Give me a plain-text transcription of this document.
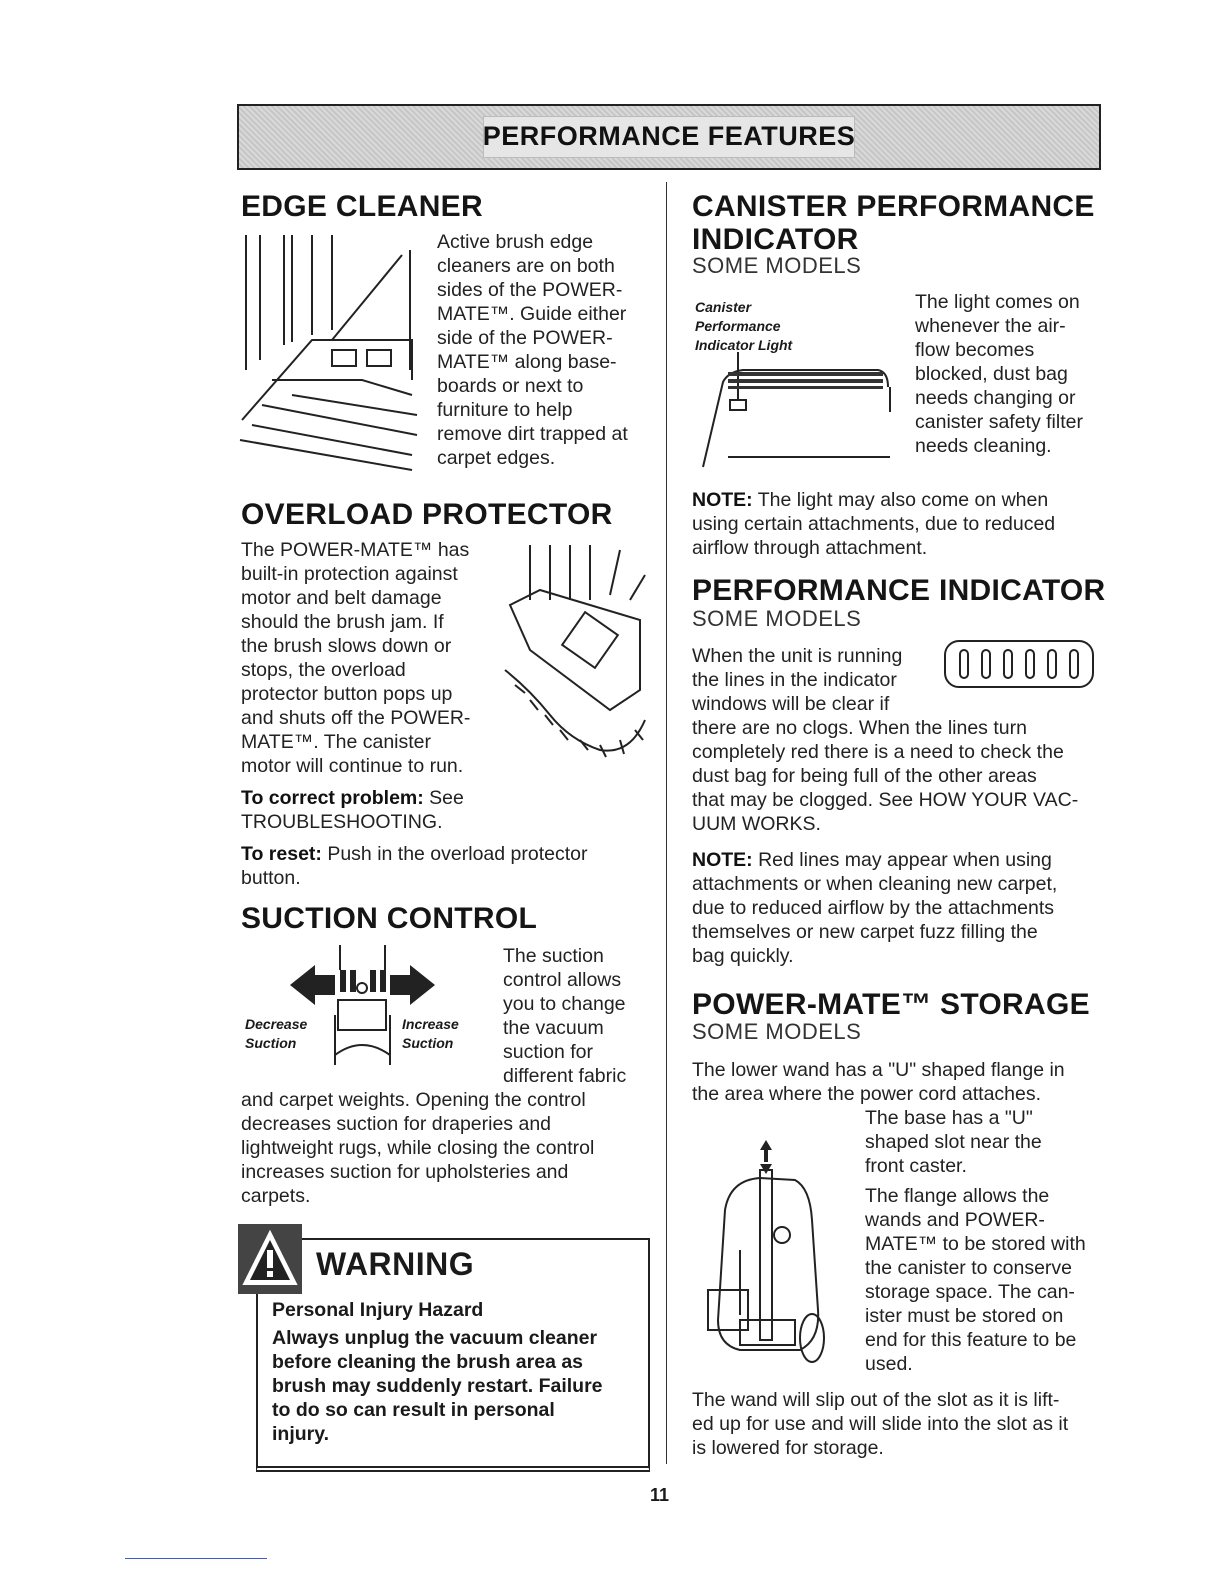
PERFORMANCE FEATURES
EDGE CLEANER
Active brush edge
cleaners are on both
sides of the POWER-
MATE™. Guide either
side of the POWER-
MATE™ along base-
boards or next to
furniture to help
remove dirt trapped at
carpet edges.
OVERLOAD PROTECTOR
The POWER-MATE™ has
built-in protection against
motor and belt damage
should the brush jam. If
the brush slows down or
stops, the overload
protector button pops up
and shuts off the POWER-
MATE™. The canister
motor will continue to run.
To correct problem: See
TROUBLESHOOTING.
To reset: Push in the overload protector
button.
SUCTION CONTROL
Decrease
Suction
Increase
Suction
The suction
control allows
you to change
the vacuum
suction for
different fabric
and carpet weights. Opening the control
decreases suction for draperies and
lightweight rugs, while closing the control
increases suction for upholsteries and
carpets.
WARNING
Personal Injury Hazard
Always unplug the vacuum cleaner
before cleaning the brush area as
brush may suddenly restart. Failure
to do so can result in personal
injury.
CANISTER PERFORMANCE
INDICATOR
SOME MODELS
Canister
Performance
Indicator Light
The light comes on
whenever the air-
flow becomes
blocked, dust bag
needs changing or
canister safety filter
needs cleaning.
NOTE: The light may also come on when
using certain attachments, due to reduced
airflow through attachment.
PERFORMANCE INDICATOR
SOME MODELS
When the unit is running
the lines in the indicator
windows will be clear if
there are no clogs. When the lines turn
completely red there is a need to check the
dust bag for being full of the other areas
that may be clogged. See HOW YOUR VAC-
UUM WORKS.
NOTE: Red lines may appear when using
attachments or when cleaning new carpet,
due to reduced airflow by the attachments
themselves or new carpet fuzz filling the
bag quickly.
POWER-MATE™ STORAGE
SOME MODELS
The lower wand has a "U" shaped flange in
the area where the power cord attaches.
The base has a "U"
shaped slot near the
front caster.
The flange allows the
wands and POWER-
MATE™ to be stored with
the canister to conserve
storage space. The can-
ister must be stored on
end for this feature to be
used.
The wand will slip out of the slot as it is lift-
ed up for use and will slide into the slot as it
is lowered for storage.
11
